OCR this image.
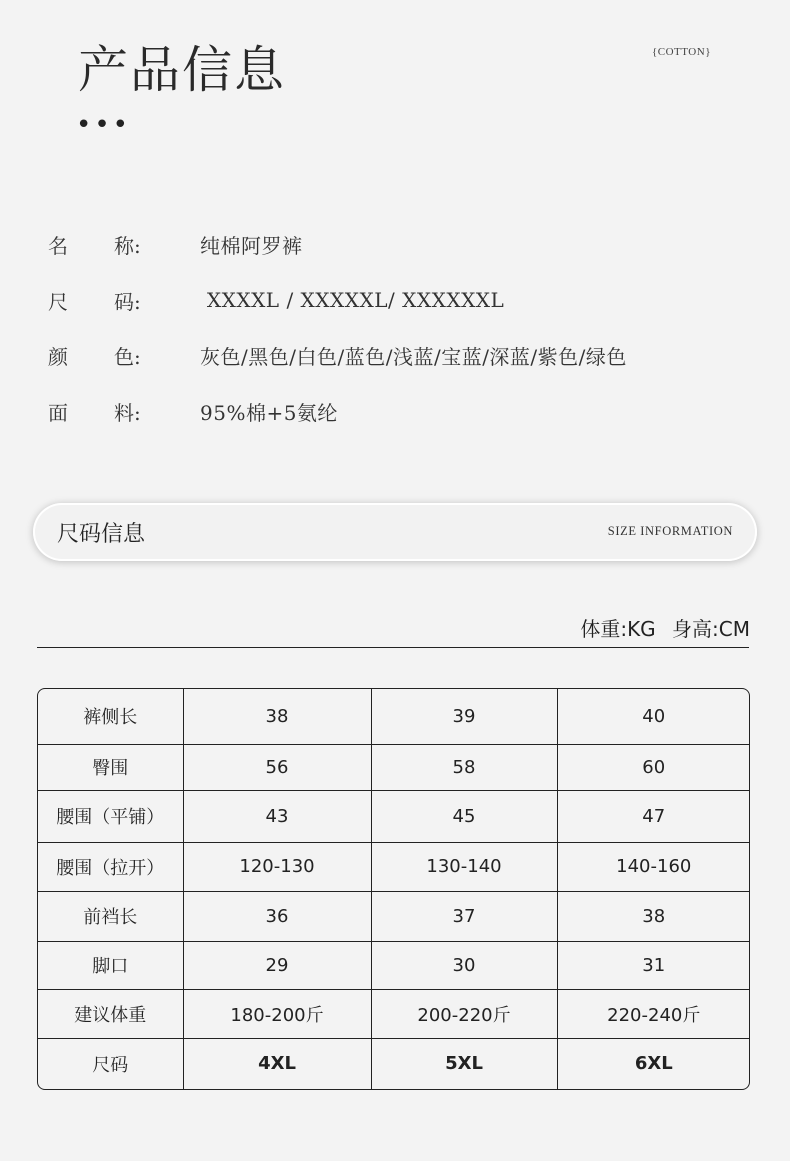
产品信息
•••
{COTTON}
名	称:	纯棉阿罗裤
尺	码:	XXXXL / XXXXXL/ XXXXXXL
颜	色:	灰色/黑色/白色/蓝色/浅蓝/宝蓝/深蓝/紫色/绿色
面	料:	95%棉+5氨纶
尺码信息	SIZE INFORMATION
体重:KG 身高:CM
裤侧长	38	39	40
臀围	56	58	60
腰围（平铺）	43	45	47
腰围（拉开）	120-130	130-140	140-160
前裆长	36	37	38
脚口	29	30	31
建议体重	180-200斤	200-220斤	220-240斤
尺码	4XL	5XL	6XL
